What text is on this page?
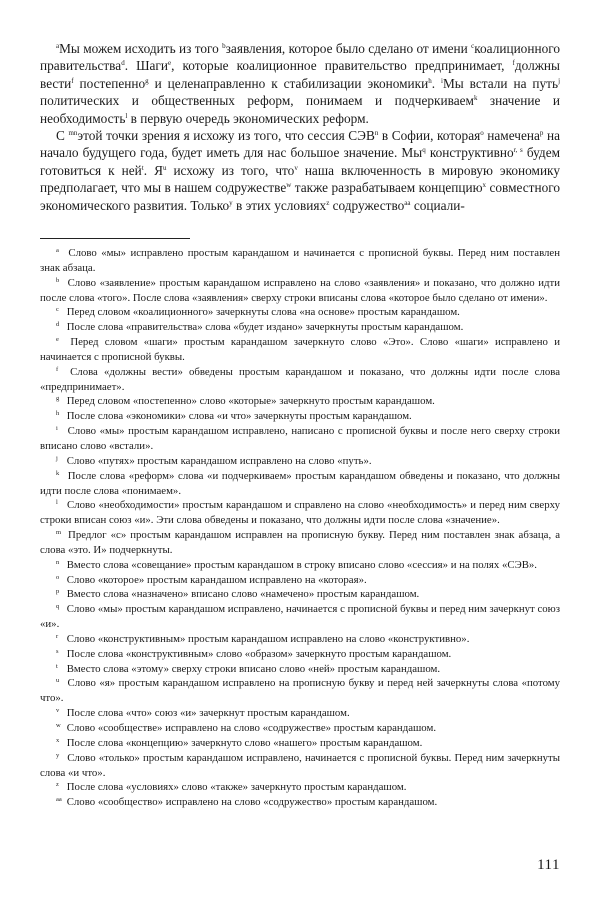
$^a$Мы можем исходить из того $^b$заявления, которое было сделано от имени $^c$коалиционного правительства$^d$. Шаги$^e$, которые коалиционное правительство предпринимает, $^f$должны вести$^f$ постепенно$^g$ и целенаправленно к стабилизации экономики$^h$. $^i$Мы встали на путь$^j$ политических и общественных реформ, понимаем и подчеркиваем$^k$ значение и необходимость$^l$ в первую очередь экономических реформ.

С $^{mn}$этой точки зрения я исхожу из того, что сессия СЭВ$^n$ в Софии, которая$^o$ намечена$^p$ на начало будущего года, будет иметь для нас большое значение. $Мы^q$ конструктивно$^{r, s}$ будем готовиться к ней$^t$. $Я^u$ исхожу из того, что$^v$ наша включенность в мировую экономику предполагает, что мы в нашем содружестве$^w$ также разрабатываем концепцию$^x$ совместного экономического развития. Только$^y$ в этих условиях$^z$ содружество$^{aa}$ социали-

a Слово «мы» исправлено простым карандашом и начинается с прописной буквы. Перед ним поставлен знак абзаца.

b Слово «заявление» простым карандашом исправлено на слово «заявления» и показано, что должно идти после слова «того». После слова «заявления» сверху строки вписаны слова «которое было сделано от имени».

c Перед словом «коалиционного» зачеркнуты слова «на основе» простым карандашом.

d После слова «правительства» слова «будет издано» зачеркнуты простым карандашом.

e Перед словом «шаги» простым карандашом зачеркнуто слово «Это». Слово «шаги» исправлено и начинается с прописной буквы.

f Слова «должны вести» обведены простым карандашом и показано, что должны идти после слова «предпринимает».

g Перед словом «постепенно» слово «которые» зачеркнуто простым карандашом.

h После слова «экономики» слова «и что» зачеркнуты простым карандашом.

i Слово «мы» простым карандашом исправлено, написано с прописной буквы и после него сверху строки вписано слово «встали».

j Слово «путях» простым карандашом исправлено на слово «путь».

k После слова «реформ» слова «и подчеркиваем» простым карандашом обведены и показано, что должны идти после слова «понимаем».

l Слово «необходимости» простым карандашом и справлено на слово «необходимость» и перед ним сверху строки вписан союз «и». Эти слова обведены и показано, что должны идти после слова «значение».

m Предлог «с» простым карандашом исправлен на прописную букву. Перед ним поставлен знак абзаца, а слова «это. И» подчеркнуты.

n Вместо слова «совещание» простым карандашом в строку вписано слово «сессия» и на полях «СЭВ».

o Слово «которое» простым карандашом исправлено на «которая».

p Вместо слова «назначено» вписано слово «намечено» простым карандашом.

q Слово «мы» простым карандашом исправлено, начинается с прописной буквы и перед ним зачеркнут союз «и».

r Слово «конструктивным» простым карандашом исправлено на слово «конструктивно».

s После слова «конструктивным» слово «образом» зачеркнуто простым карандашом.

t Вместо слова «этому» сверху строки вписано слово «ней» простым карандашом.

u Слово «я» простым карандашом исправлено на прописную букву и перед ней зачеркнуты слова «потому что».

v После слова «что» союз «и» зачеркнут простым карандашом.

w Слово «сообществе» исправлено на слово «содружестве» простым карандашом.

x После слова «концепцию» зачеркнуто слово «нашего» простым карандашом.

y Слово «только» простым карандашом исправлено, начинается с прописной буквы. Перед ним зачеркнуты слова «и что».

z После слова «условиях» слово «также» зачеркнуто простым карандашом.

aa Слово «сообщество» исправлено на слово «содружество» простым карандашом.

111
